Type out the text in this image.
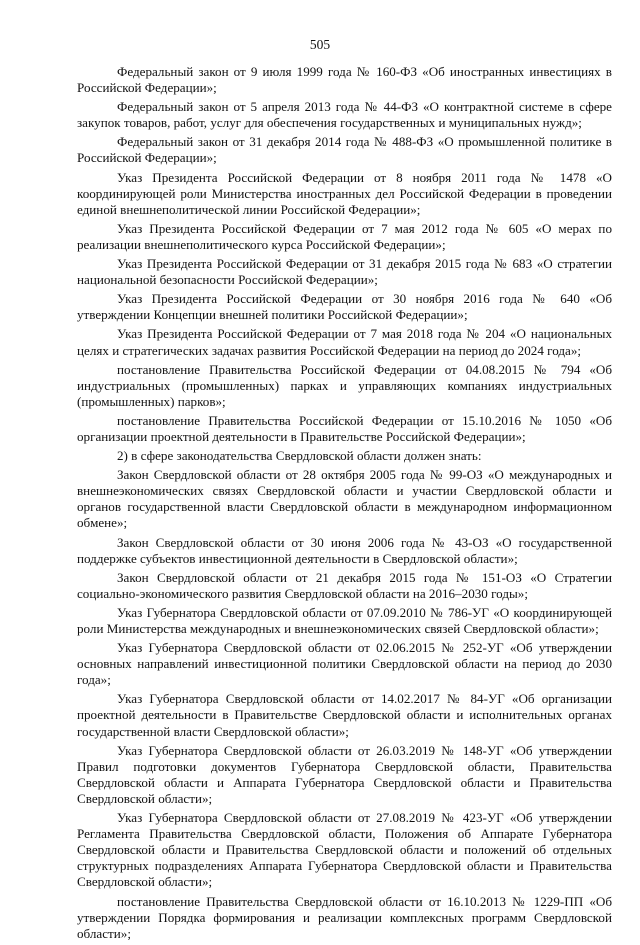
505

Федеральный закон от 9 июля 1999 года № 160-ФЗ «Об иностранных инвестициях в Российской Федерации»;

Федеральный закон от 5 апреля 2013 года № 44-ФЗ «О контрактной системе в сфере закупок товаров, работ, услуг для обеспечения государственных и муниципальных нужд»;

Федеральный закон от 31 декабря 2014 года № 488-ФЗ «О промышленной политике в Российской Федерации»;

Указ Президента Российской Федерации от 8 ноября 2011 года № 1478 «О координирующей роли Министерства иностранных дел Российской Федерации в проведении единой внешнеполитической линии Российской Федерации»;

Указ Президента Российской Федерации от 7 мая 2012 года № 605 «О мерах по реализации внешнеполитического курса Российской Федерации»;

Указ Президента Российской Федерации от 31 декабря 2015 года № 683 «О стратегии национальной безопасности Российской Федерации»;

Указ Президента Российской Федерации от 30 ноября 2016 года № 640 «Об утверждении Концепции внешней политики Российской Федерации»;

Указ Президента Российской Федерации от 7 мая 2018 года № 204 «О национальных целях и стратегических задачах развития Российской Федерации на период до 2024 года»;

постановление Правительства Российской Федерации от 04.08.2015 № 794 «Об индустриальных (промышленных) парках и управляющих компаниях индустриальных (промышленных) парков»;

постановление Правительства Российской Федерации от 15.10.2016 № 1050 «Об организации проектной деятельности в Правительстве Российской Федерации»;

2) в сфере законодательства Свердловской области должен знать:

Закон Свердловской области от 28 октября 2005 года № 99-ОЗ «О международных и внешнеэкономических связях Свердловской области и участии Свердловской области и органов государственной власти Свердловской области в международном информационном обмене»;

Закон Свердловской области от 30 июня 2006 года № 43-ОЗ «О государственной поддержке субъектов инвестиционной деятельности в Свердловской области»;

Закон Свердловской области от 21 декабря 2015 года № 151-ОЗ «О Стратегии социально-экономического развития Свердловской области на 2016–2030 годы»;

Указ Губернатора Свердловской области от 07.09.2010 № 786-УГ «О координирующей роли Министерства международных и внешнеэкономических связей Свердловской области»;

Указ Губернатора Свердловской области от 02.06.2015 № 252-УГ «Об утверждении основных направлений инвестиционной политики Свердловской области на период до 2030 года»;

Указ Губернатора Свердловской области от 14.02.2017 № 84-УГ «Об организации проектной деятельности в Правительстве Свердловской области и исполнительных органах государственной власти Свердловской области»;

Указ Губернатора Свердловской области от 26.03.2019 № 148-УГ «Об утверждении Правил подготовки документов Губернатора Свердловской области, Правительства Свердловской области и Аппарата Губернатора Свердловской области и Правительства Свердловской области»;

Указ Губернатора Свердловской области от 27.08.2019 № 423-УГ «Об утверждении Регламента Правительства Свердловской области, Положения об Аппарате Губернатора Свердловской области и Правительства Свердловской области и положений об отдельных структурных подразделениях Аппарата Губернатора Свердловской области и Правительства Свердловской области»;

постановление Правительства Свердловской области от 16.10.2013 № 1229-ПП «Об утверждении Порядка формирования и реализации комплексных программ Свердловской области»;
